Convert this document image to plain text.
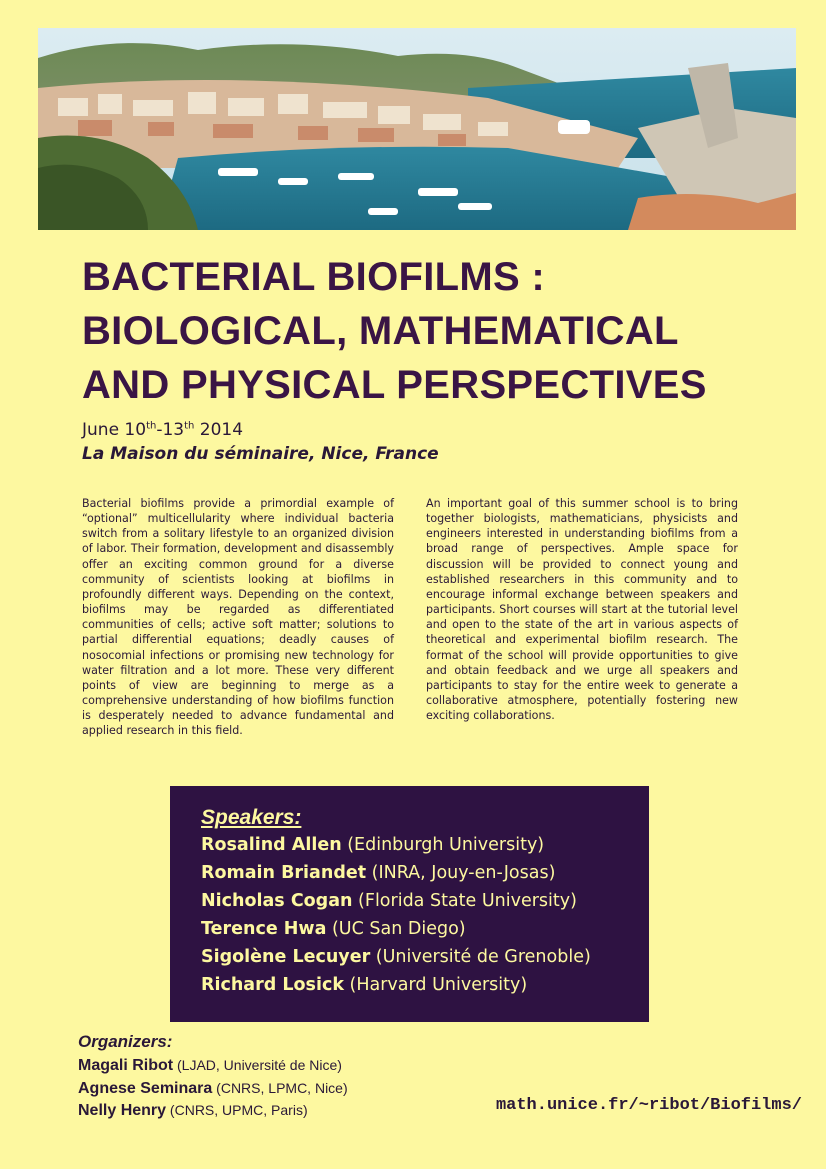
BACTERIAL BIOFILMS :
BIOLOGICAL, MATHEMATICAL
AND PHYSICAL PERSPECTIVES
June 10th-13th 2014
La Maison du séminaire, Nice, France
Bacterial biofilms provide a primordial example of “optional” multicellularity where individual bacteria switch from a solitary lifestyle to an organized division of labor. Their formation, development and disassembly offer an exciting common ground for a diverse community of scientists looking at biofilms in profoundly different ways. Depending on the context, biofilms may be regarded as differentiated communities of cells; active soft matter; solutions to partial differential equations; deadly causes of nosocomial infections or promising new technology for water filtration and a lot more. These very different points of view are beginning to merge as a comprehensive understanding of how biofilms function is desperately needed to advance fundamental and applied research in this field.
An important goal of this summer school is to bring together biologists, mathematicians, physicists and engineers interested in understanding biofilms from a broad range of perspectives. Ample space for discussion will be provided to connect young and established researchers in this community and to encourage informal exchange between speakers and participants. Short courses will start at the tutorial level and open to the state of the art in various aspects of theoretical and experimental biofilm research. The format of the school will provide opportunities to give and obtain feedback and we urge all speakers and participants to stay for the entire week to generate a collaborative atmosphere, potentially fostering new exciting collaborations.
Speakers:
Rosalind Allen (Edinburgh University)
Romain Briandet (INRA, Jouy-en-Josas)
Nicholas Cogan (Florida State University)
Terence Hwa (UC San Diego)
Sigolène Lecuyer (Université de Grenoble)
Richard Losick (Harvard University)
Organizers:
Magali Ribot (LJAD, Université de Nice)
Agnese Seminara (CNRS, LPMC, Nice)
Nelly Henry (CNRS, UPMC, Paris)	math.unice.fr/~ribot/Biofilms/
